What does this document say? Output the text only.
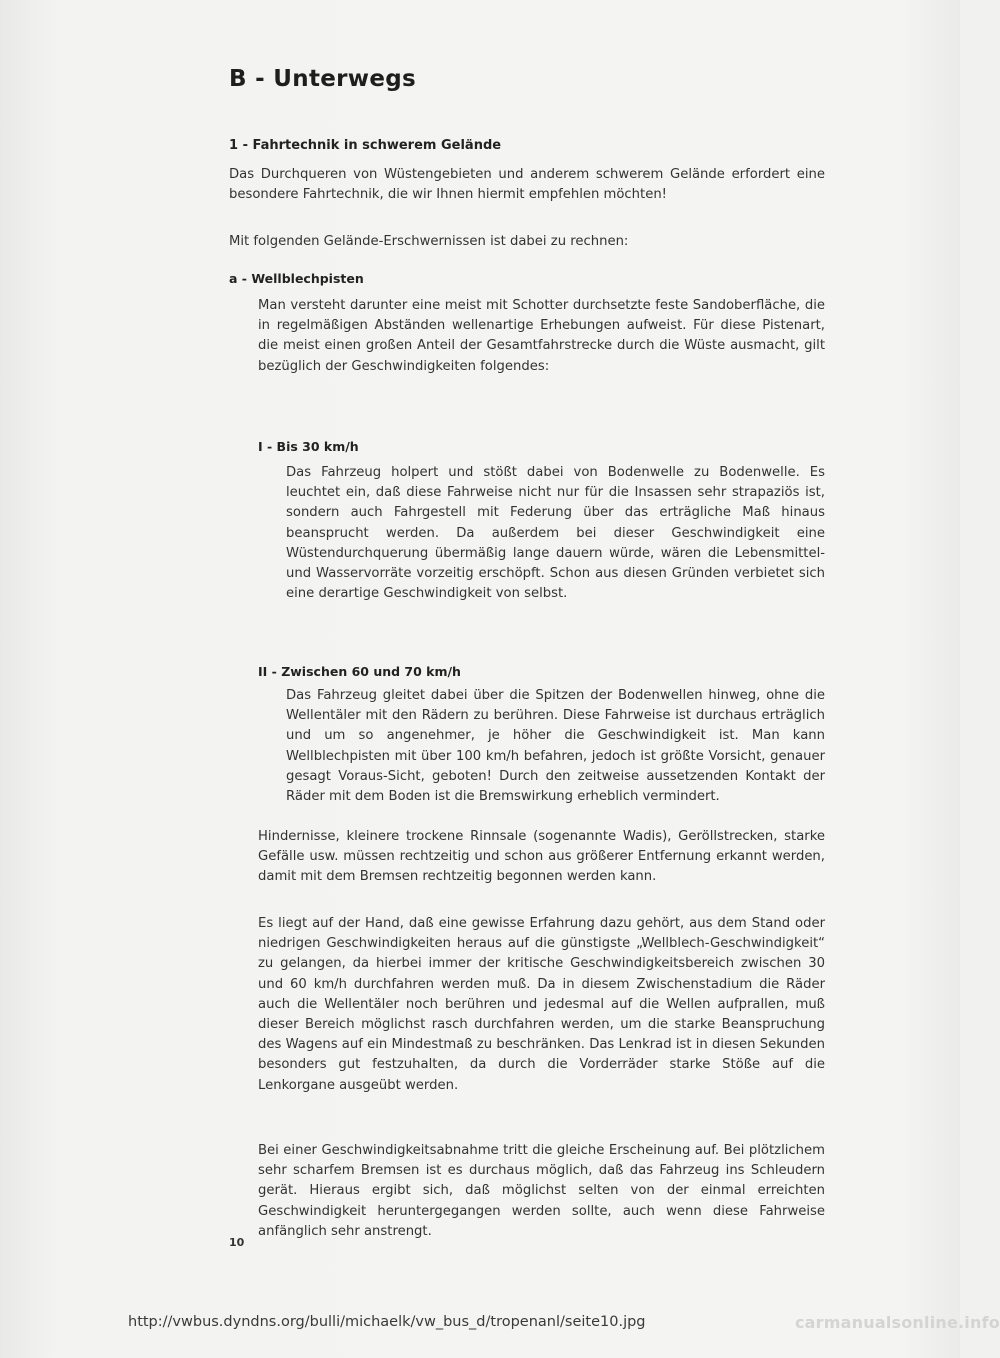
B - Unterwegs
1 - Fahrtechnik in schwerem Gelände

Das Durchqueren von Wüstengebieten und anderem schwerem Gelände erfordert eine besondere Fahrtechnik, die wir Ihnen hiermit empfehlen möchten!

Mit folgenden Gelände-Erschwernissen ist dabei zu rechnen:

a - Wellblechpisten

Man versteht darunter eine meist mit Schotter durchsetzte feste Sandoberfläche, die in regelmäßigen Abständen wellenartige Erhebungen aufweist. Für diese Pistenart, die meist einen großen Anteil der Gesamtfahrstrecke durch die Wüste ausmacht, gilt bezüglich der Geschwindigkeiten folgendes:

I - Bis 30 km/h

Das Fahrzeug holpert und stößt dabei von Bodenwelle zu Bodenwelle. Es leuchtet ein, daß diese Fahrweise nicht nur für die Insassen sehr strapaziös ist, sondern auch Fahrgestell mit Federung über das erträgliche Maß hinaus beansprucht werden. Da außerdem bei dieser Geschwindigkeit eine Wüstendurchquerung übermäßig lange dauern würde, wären die Lebensmittel- und Wasservorräte vorzeitig erschöpft. Schon aus diesen Gründen verbietet sich eine derartige Geschwindigkeit von selbst.

II - Zwischen 60 und 70 km/h

Das Fahrzeug gleitet dabei über die Spitzen der Bodenwellen hinweg, ohne die Wellentäler mit den Rädern zu berühren. Diese Fahrweise ist durchaus erträglich und um so angenehmer, je höher die Geschwindigkeit ist. Man kann Wellblechpisten mit über 100 km/h befahren, jedoch ist größte Vorsicht, genauer gesagt Voraus-Sicht, geboten! Durch den zeitweise aussetzenden Kontakt der Räder mit dem Boden ist die Bremswirkung erheblich vermindert.

Hindernisse, kleinere trockene Rinnsale (sogenannte Wadis), Geröllstrecken, starke Gefälle usw. müssen rechtzeitig und schon aus größerer Entfernung erkannt werden, damit mit dem Bremsen rechtzeitig begonnen werden kann.

Es liegt auf der Hand, daß eine gewisse Erfahrung dazu gehört, aus dem Stand oder niedrigen Geschwindigkeiten heraus auf die günstigste „Wellblech-Geschwindigkeit“ zu gelangen, da hierbei immer der kritische Geschwindigkeitsbereich zwischen 30 und 60 km/h durchfahren werden muß. Da in diesem Zwischenstadium die Räder auch die Wellentäler noch berühren und jedesmal auf die Wellen aufprallen, muß dieser Bereich möglichst rasch durchfahren werden, um die starke Beanspruchung des Wagens auf ein Mindestmaß zu beschränken. Das Lenkrad ist in diesen Sekunden besonders gut festzuhalten, da durch die Vorderräder starke Stöße auf die Lenkorgane ausgeübt werden.

Bei einer Geschwindigkeitsabnahme tritt die gleiche Erscheinung auf. Bei plötzlichem sehr scharfem Bremsen ist es durchaus möglich, daß das Fahrzeug ins Schleudern gerät. Hieraus ergibt sich, daß möglichst selten von der einmal erreichten Geschwindigkeit heruntergegangen werden sollte, auch wenn diese Fahrweise anfänglich sehr anstrengt.

10
http://vwbus.dyndns.org/bulli/michaelk/vw_bus_d/tropenanl/seite10.jpg	carmanualsonline.info
